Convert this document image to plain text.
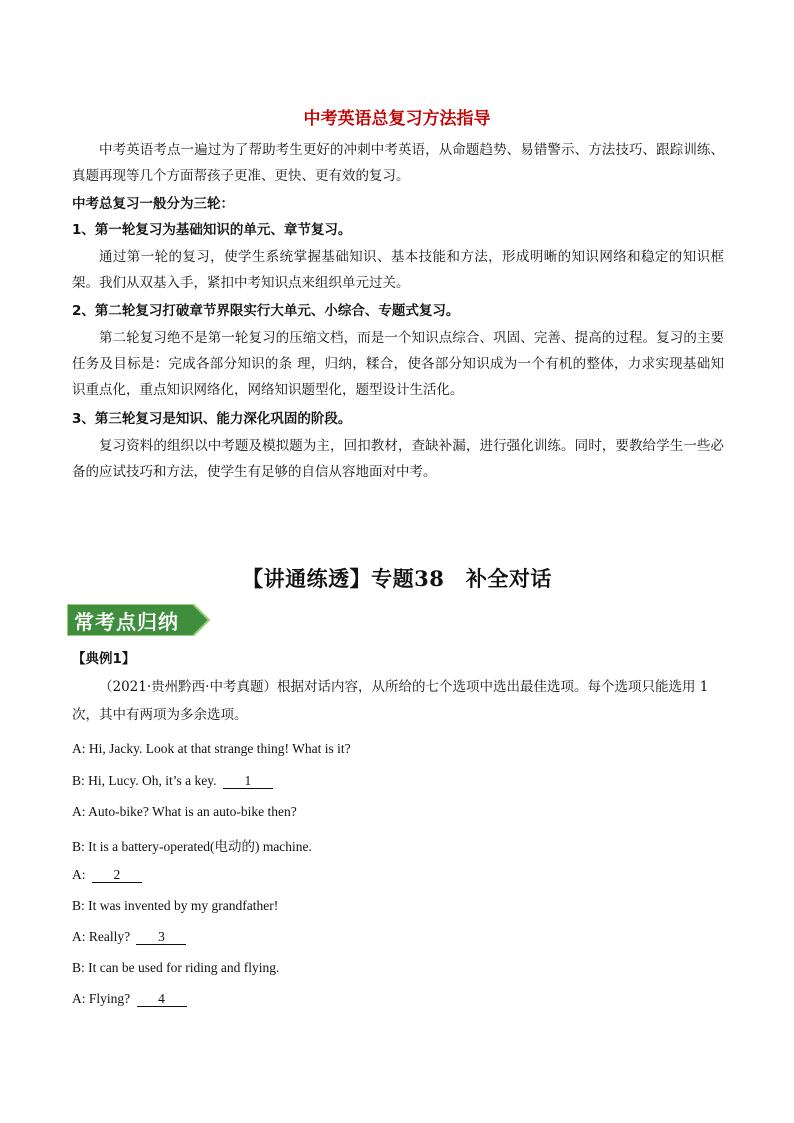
中考英语总复习方法指导

中考英语考点一遍过为了帮助考生更好的冲刺中考英语，从命题趋势、易错警示、方法技巧、跟踪训练、真题再现等几个方面帮孩子更准、更快、更有效的复习。

中考总复习一般分为三轮：

1、第一轮复习为基础知识的单元、章节复习。

通过第一轮的复习，使学生系统掌握基础知识、基本技能和方法，形成明晰的知识网络和稳定的知识框架。我们从双基入手，紧扣中考知识点来组织单元过关。

2、第二轮复习打破章节界限实行大单元、小综合、专题式复习。

第二轮复习绝不是第一轮复习的压缩文档，而是一个知识点综合、巩固、完善、提高的过程。复习的主要任务及目标是：完成各部分知识的条 理，归纳，糅合，使各部分知识成为一个有机的整体，力求实现基础知识重点化，重点知识网络化，网络知识题型化，题型设计生活化。

3、第三轮复习是知识、能力深化巩固的阶段。

复习资料的组织以中考题及模拟题为主，回扣教材，查缺补漏，进行强化训练。同时，要教给学生一些必备的应试技巧和方法，使学生有足够的自信从容地面对中考。

【讲通练透】专题38　补全对话
常考点归纳
【典例1】

（2021·贵州黔西·中考真题）根据对话内容，从所给的七个选项中选出最佳选项。每个选项只能选用 1 次，其中有两项为多余选项。

A: Hi, Jacky. Look at that strange thing! What is it?
B: Hi, Lucy. Oh, it’s a key. 1
A: Auto-bike? What is an auto-bike then?
B: It is a battery-operated(电动的) machine.
A: 2
B: It was invented by my grandfather!
A: Really? 3
B: It can be used for riding and flying.
A: Flying? 4
